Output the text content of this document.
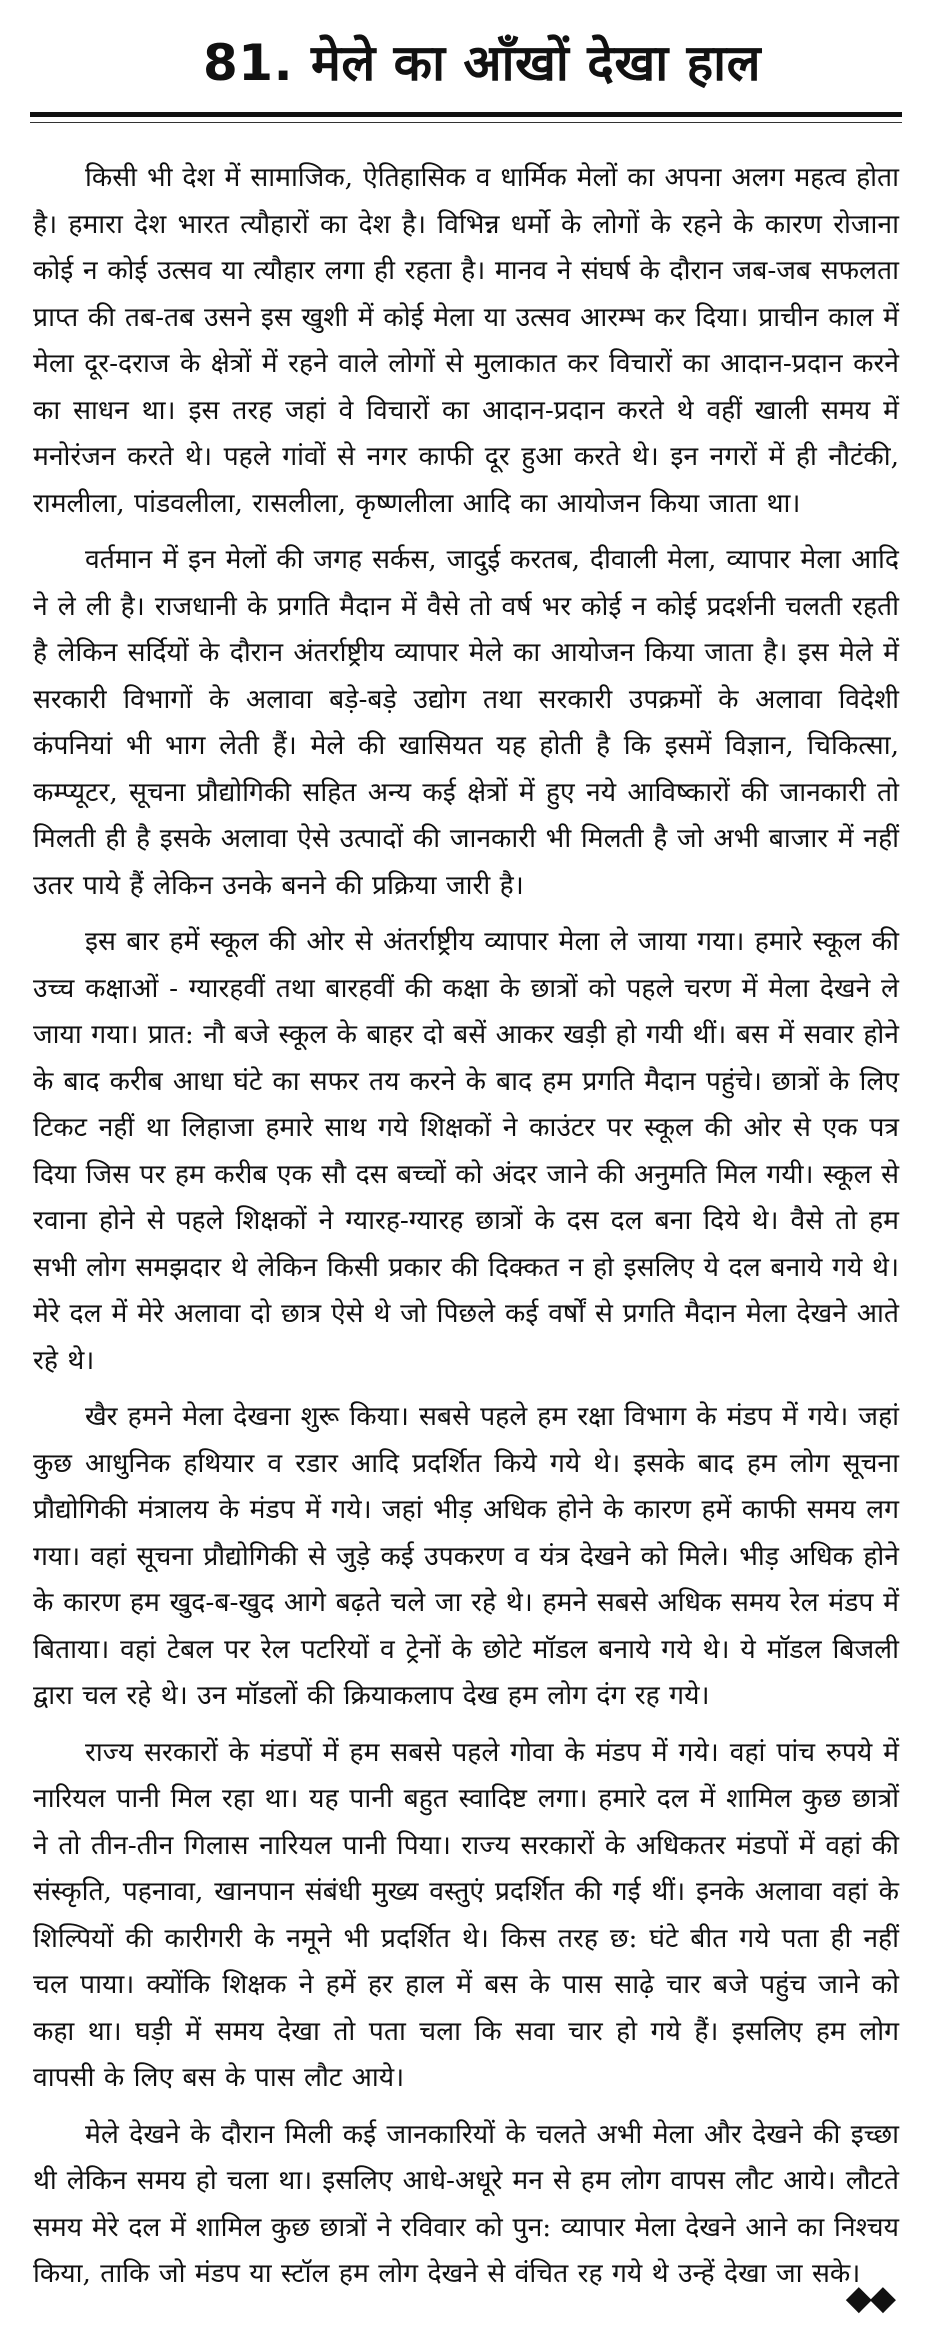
81. मेले का आँखों देखा हाल

किसी भी देश में सामाजिक, ऐतिहासिक व धार्मिक मेलों का अपना अलग महत्व होता है। हमारा देश भारत त्यौहारों का देश है। विभिन्न धर्मो के लोगों के रहने के कारण रोजाना कोई न कोई उत्सव या त्यौहार लगा ही रहता है। मानव ने संघर्ष के दौरान जब-जब सफलता प्राप्त की तब-तब उसने इस खुशी में कोई मेला या उत्सव आरम्भ कर दिया। प्राचीन काल में मेला दूर-दराज के क्षेत्रों में रहने वाले लोगों से मुलाकात कर विचारों का आदान-प्रदान करने का साधन था। इस तरह जहां वे विचारों का आदान-प्रदान करते थे वहीं खाली समय में मनोरंजन करते थे। पहले गांवों से नगर काफी दूर हुआ करते थे। इन नगरों में ही नौटंकी, रामलीला, पांडवलीला, रासलीला, कृष्णलीला आदि का आयोजन किया जाता था।

वर्तमान में इन मेलों की जगह सर्कस, जादुई करतब, दीवाली मेला, व्यापार मेला आदि ने ले ली है। राजधानी के प्रगति मैदान में वैसे तो वर्ष भर कोई न कोई प्रदर्शनी चलती रहती है लेकिन सर्दियों के दौरान अंतर्राष्ट्रीय व्यापार मेले का आयोजन किया जाता है। इस मेले में सरकारी विभागों के अलावा बड़े-बड़े उद्योग तथा सरकारी उपक्रमों के अलावा विदेशी कंपनियां भी भाग लेती हैं। मेले की खासियत यह होती है कि इसमें विज्ञान, चिकित्सा, कम्प्यूटर, सूचना प्रौद्योगिकी सहित अन्य कई क्षेत्रों में हुए नये आविष्कारों की जानकारी तो मिलती ही है इसके अलावा ऐसे उत्पादों की जानकारी भी मिलती है जो अभी बाजार में नहीं उतर पाये हैं लेकिन उनके बनने की प्रक्रिया जारी है।

इस बार हमें स्कूल की ओर से अंतर्राष्ट्रीय व्यापार मेला ले जाया गया। हमारे स्कूल की उच्च कक्षाओं - ग्यारहवीं तथा बारहवीं की कक्षा के छात्रों को पहले चरण में मेला देखने ले जाया गया। प्रात: नौ बजे स्कूल के बाहर दो बसें आकर खड़ी हो गयी थीं। बस में सवार होने के बाद करीब आधा घंटे का सफर तय करने के बाद हम प्रगति मैदान पहुंचे। छात्रों के लिए टिकट नहीं था लिहाजा हमारे साथ गये शिक्षकों ने काउंटर पर स्कूल की ओर से एक पत्र दिया जिस पर हम करीब एक सौ दस बच्चों को अंदर जाने की अनुमति मिल गयी। स्कूल से रवाना होने से पहले शिक्षकों ने ग्यारह-ग्यारह छात्रों के दस दल बना दिये थे। वैसे तो हम सभी लोग समझदार थे लेकिन किसी प्रकार की दिक्कत न हो इसलिए ये दल बनाये गये थे। मेरे दल में मेरे अलावा दो छात्र ऐसे थे जो पिछले कई वर्षों से प्रगति मैदान मेला देखने आते रहे थे।

खैर हमने मेला देखना शुरू किया। सबसे पहले हम रक्षा विभाग के मंडप में गये। जहां कुछ आधुनिक हथियार व रडार आदि प्रदर्शित किये गये थे। इसके बाद हम लोग सूचना प्रौद्योगिकी मंत्रालय के मंडप में गये। जहां भीड़ अधिक होने के कारण हमें काफी समय लग गया। वहां सूचना प्रौद्योगिकी से जुड़े कई उपकरण व यंत्र देखने को मिले। भीड़ अधिक होने के कारण हम खुद-ब-खुद आगे बढ़ते चले जा रहे थे। हमने सबसे अधिक समय रेल मंडप में बिताया। वहां टेबल पर रेल पटरियों व ट्रेनों के छोटे मॉडल बनाये गये थे। ये मॉडल बिजली द्वारा चल रहे थे। उन मॉडलों की क्रियाकलाप देख हम लोग दंग रह गये।

राज्य सरकारों के मंडपों में हम सबसे पहले गोवा के मंडप में गये। वहां पांच रुपये में नारियल पानी मिल रहा था। यह पानी बहुत स्वादिष्ट लगा। हमारे दल में शामिल कुछ छात्रों ने तो तीन-तीन गिलास नारियल पानी पिया। राज्य सरकारों के अधिकतर मंडपों में वहां की संस्कृति, पहनावा, खानपान संबंधी मुख्य वस्तुएं प्रदर्शित की गई थीं। इनके अलावा वहां के शिल्पियों की कारीगरी के नमूने भी प्रदर्शित थे। किस तरह छ: घंटे बीत गये पता ही नहीं चल पाया। क्योंकि शिक्षक ने हमें हर हाल में बस के पास साढ़े चार बजे पहुंच जाने को कहा था। घड़ी में समय देखा तो पता चला कि सवा चार हो गये हैं। इसलिए हम लोग वापसी के लिए बस के पास लौट आये।

मेले देखने के दौरान मिली कई जानकारियों के चलते अभी मेला और देखने की इच्छा थी लेकिन समय हो चला था। इसलिए आधे-अधूरे मन से हम लोग वापस लौट आये। लौटते समय मेरे दल में शामिल कुछ छात्रों ने रविवार को पुन: व्यापार मेला देखने आने का निश्चय किया, ताकि जो मंडप या स्टॉल हम लोग देखने से वंचित रह गये थे उन्हें देखा जा सके।

◆◆
